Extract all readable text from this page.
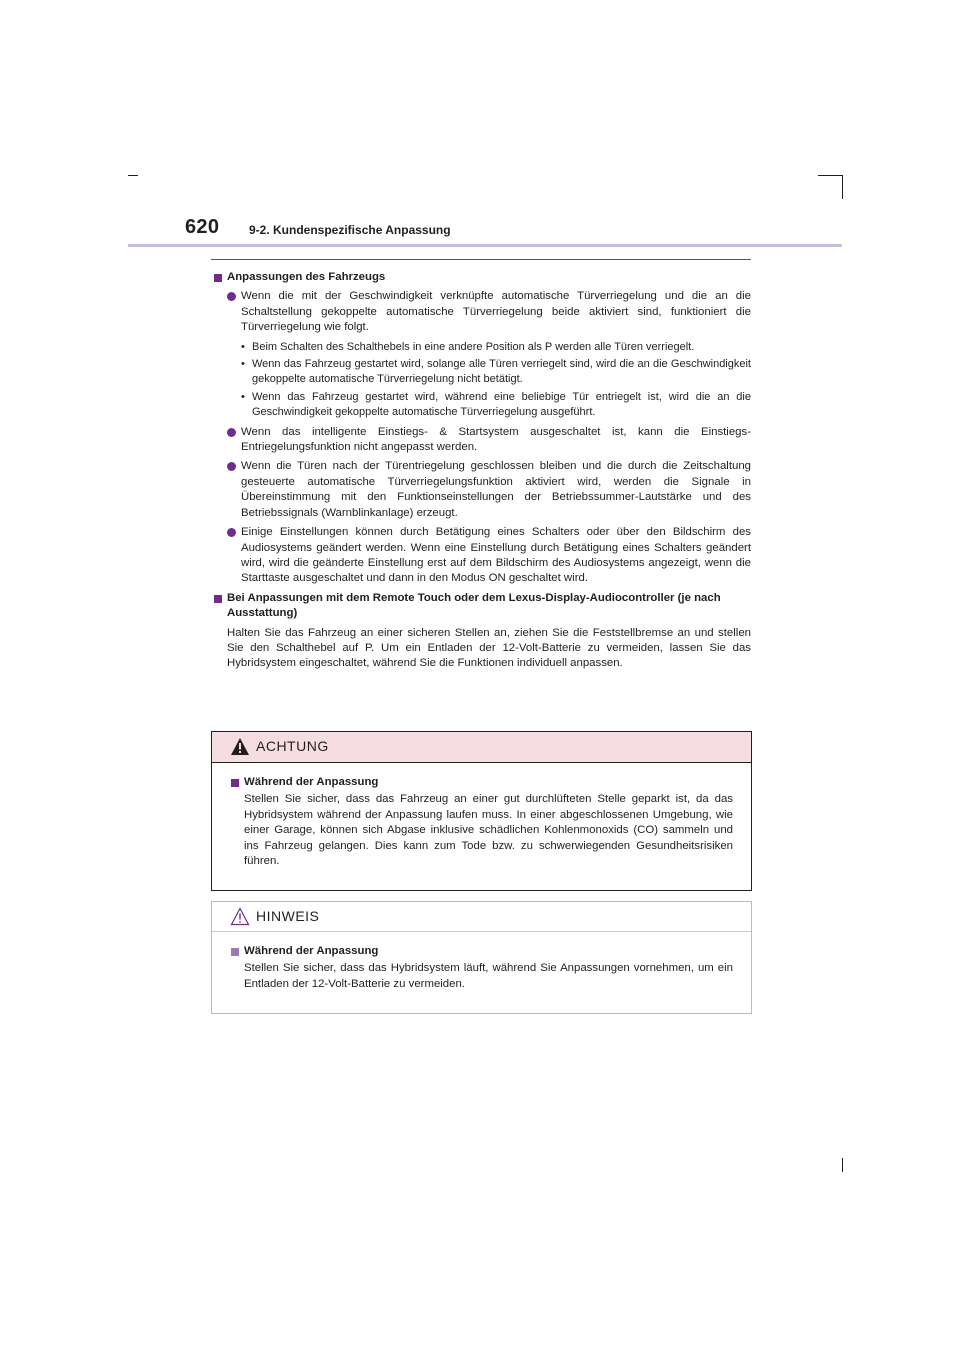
620 9-2. Kundenspezifische Anpassung
Anpassungen des Fahrzeugs
Wenn die mit der Geschwindigkeit verknüpfte automatische Türverriegelung und die an die Schaltstellung gekoppelte automatische Türverriegelung beide aktiviert sind, funktioniert die Türverriegelung wie folgt.
• Beim Schalten des Schalthebels in eine andere Position als P werden alle Türen verriegelt.
• Wenn das Fahrzeug gestartet wird, solange alle Türen verriegelt sind, wird die an die Geschwindigkeit gekoppelte automatische Türverriegelung nicht betätigt.
• Wenn das Fahrzeug gestartet wird, während eine beliebige Tür entriegelt ist, wird die an die Geschwindigkeit gekoppelte automatische Türverriegelung ausgeführt.
Wenn das intelligente Einstiegs- & Startsystem ausgeschaltet ist, kann die Einstiegs-Entriegelungsfunktion nicht angepasst werden.
Wenn die Türen nach der Türentriegelung geschlossen bleiben und die durch die Zeitschaltung gesteuerte automatische Türverriegelungsfunktion aktiviert wird, werden die Signale in Übereinstimmung mit den Funktionseinstellungen der Betriebssummer-Lautstärke und des Betriebssignals (Warnblinkanlage) erzeugt.
Einige Einstellungen können durch Betätigung eines Schalters oder über den Bildschirm des Audiosystems geändert werden. Wenn eine Einstellung durch Betätigung eines Schalters geändert wird, wird die geänderte Einstellung erst auf dem Bildschirm des Audiosystems angezeigt, wenn die Starttaste ausgeschaltet und dann in den Modus ON geschaltet wird.
Bei Anpassungen mit dem Remote Touch oder dem Lexus-Display-Audiocontroller (je nach Ausstattung)
Halten Sie das Fahrzeug an einer sicheren Stellen an, ziehen Sie die Feststellbremse an und stellen Sie den Schalthebel auf P. Um ein Entladen der 12-Volt-Batterie zu vermeiden, lassen Sie das Hybridsystem eingeschaltet, während Sie die Funktionen individuell anpassen.
ACHTUNG
Während der Anpassung
Stellen Sie sicher, dass das Fahrzeug an einer gut durchlüfteten Stelle geparkt ist, da das Hybridsystem während der Anpassung laufen muss. In einer abgeschlossenen Umgebung, wie einer Garage, können sich Abgase inklusive schädlichen Kohlenmonoxids (CO) sammeln und ins Fahrzeug gelangen. Dies kann zum Tode bzw. zu schwerwiegenden Gesundheitsrisiken führen.
HINWEIS
Während der Anpassung
Stellen Sie sicher, dass das Hybridsystem läuft, während Sie Anpassungen vornehmen, um ein Entladen der 12-Volt-Batterie zu vermeiden.
